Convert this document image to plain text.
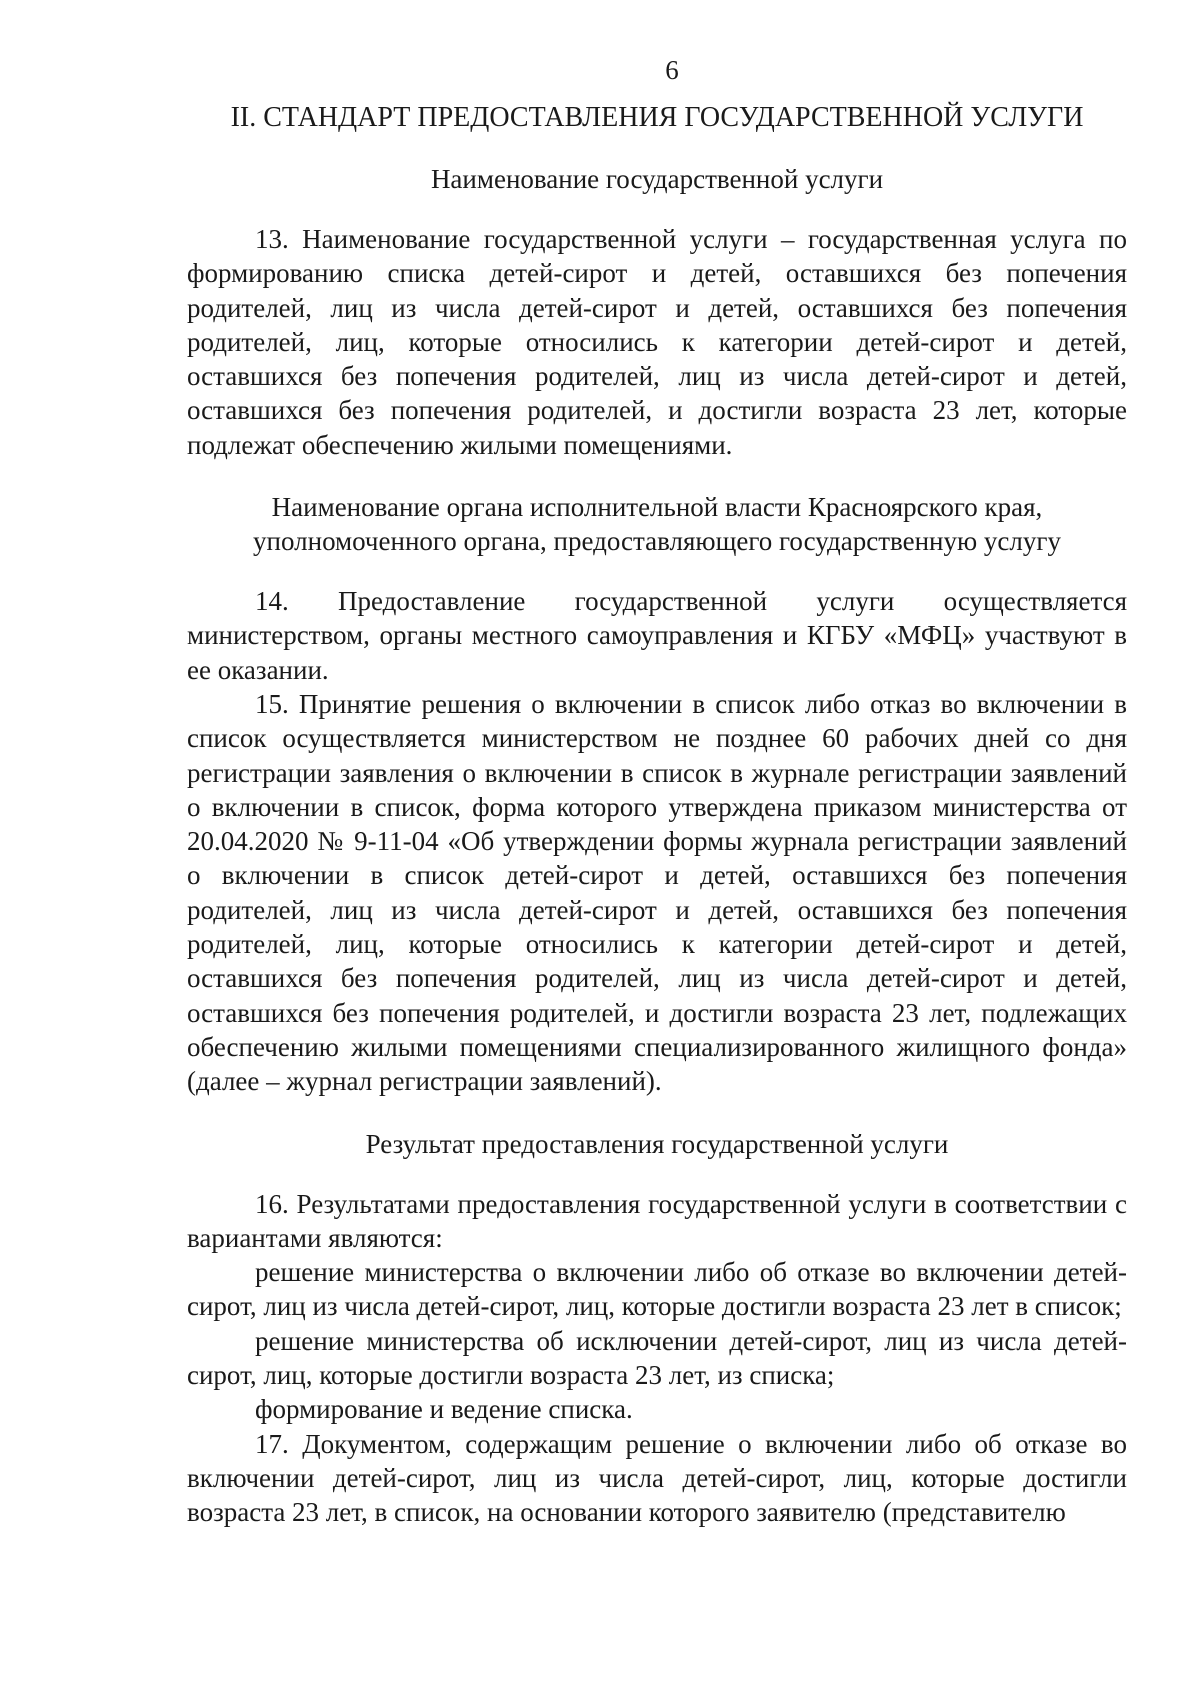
6
II. СТАНДАРТ ПРЕДОСТАВЛЕНИЯ ГОСУДАРСТВЕННОЙ УСЛУГИ
Наименование государственной услуги

13. Наименование государственной услуги – государственная услуга по формированию списка детей-сирот и детей, оставшихся без попечения родителей, лиц из числа детей-сирот и детей, оставшихся без попечения родителей, лиц, которые относились к категории детей-сирот и детей, оставшихся без попечения родителей, лиц из числа детей-сирот и детей, оставшихся без попечения родителей, и достигли возраста 23 лет, которые подлежат обеспечению жилыми помещениями.

Наименование органа исполнительной власти Красноярского края,
уполномоченного органа, предоставляющего государственную услугу

14. Предоставление государственной услуги осуществляется министерством, органы местного самоуправления и КГБУ «МФЦ» участвуют в ее оказании.

15. Принятие решения о включении в список либо отказ во включении в список осуществляется министерством не позднее 60 рабочих дней со дня регистрации заявления о включении в список в журнале регистрации заявлений о включении в список, форма которого утверждена приказом министерства от 20.04.2020 № 9-11-04 «Об утверждении формы журнала регистрации заявлений о включении в список детей-сирот и детей, оставшихся без попечения родителей, лиц из числа детей-сирот и детей, оставшихся без попечения родителей, лиц, которые относились к категории детей-сирот и детей, оставшихся без попечения родителей, лиц из числа детей-сирот и детей, оставшихся без попечения родителей, и достигли возраста 23 лет, подлежащих обеспечению жилыми помещениями специализированного жилищного фонда» (далее – журнал регистрации заявлений).

Результат предоставления государственной услуги

16. Результатами предоставления государственной услуги в соответствии с вариантами являются:

решение министерства о включении либо об отказе во включении детей-сирот, лиц из числа детей-сирот, лиц, которые достигли возраста 23 лет в список;

решение министерства об исключении детей-сирот, лиц из числа детей-сирот, лиц, которые достигли возраста 23 лет, из списка;

формирование и ведение списка.

17. Документом, содержащим решение о включении либо об отказе во включении детей-сирот, лиц из числа детей-сирот, лиц, которые достигли возраста 23 лет, в список, на основании которого заявителю (представителю
